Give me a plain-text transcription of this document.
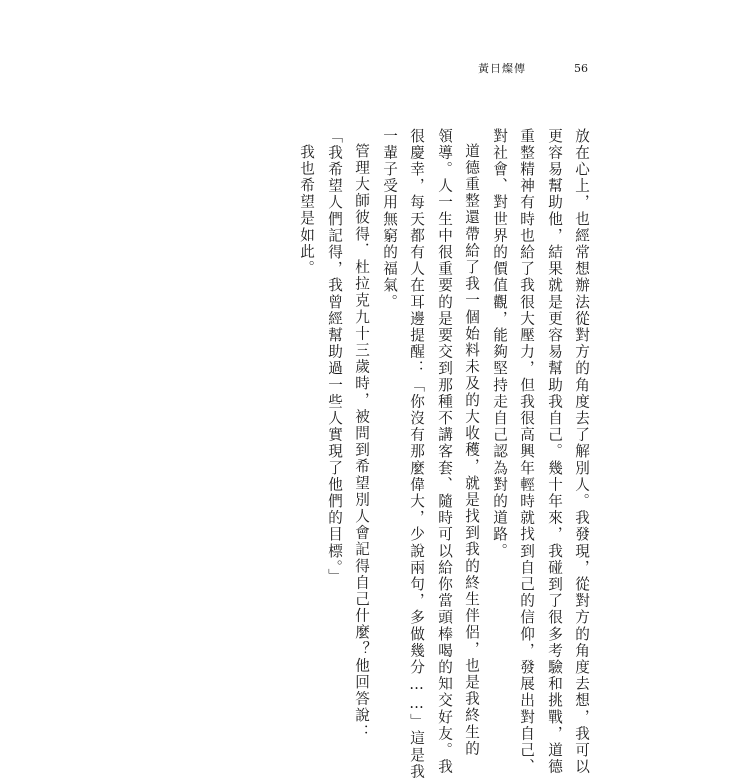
黃日燦傳	56
放在心上，也經常想辦法從對方的角度去了解別人。我發現，從對方的角度去想，我可以
更容易幫助他，結果就是更容易幫助我自己。幾十年來，我碰到了很多考驗和挑戰，道德
重整精神有時也給了我很大壓力，但我很高興年輕時就找到自己的信仰，發展出對自己、
對社會、對世界的價值觀，能夠堅持走自己認為對的道路。
道德重整還帶給了我一個始料未及的大收穫，就是找到我的終生伴侶，也是我終生的
領導。人一生中很重要的是要交到那種不講客套、隨時可以給你當頭棒喝的知交好友。我
很慶幸，每天都有人在耳邊提醒：「你沒有那麼偉大，少說兩句，多做幾分……」這是我
一輩子受用無窮的福氣。
管理大師彼得．杜拉克九十三歲時，被問到希望別人會記得自己什麼？他回答說：
「我希望人們記得，我曾經幫助過一些人實現了他們的目標。」
我也希望是如此。
